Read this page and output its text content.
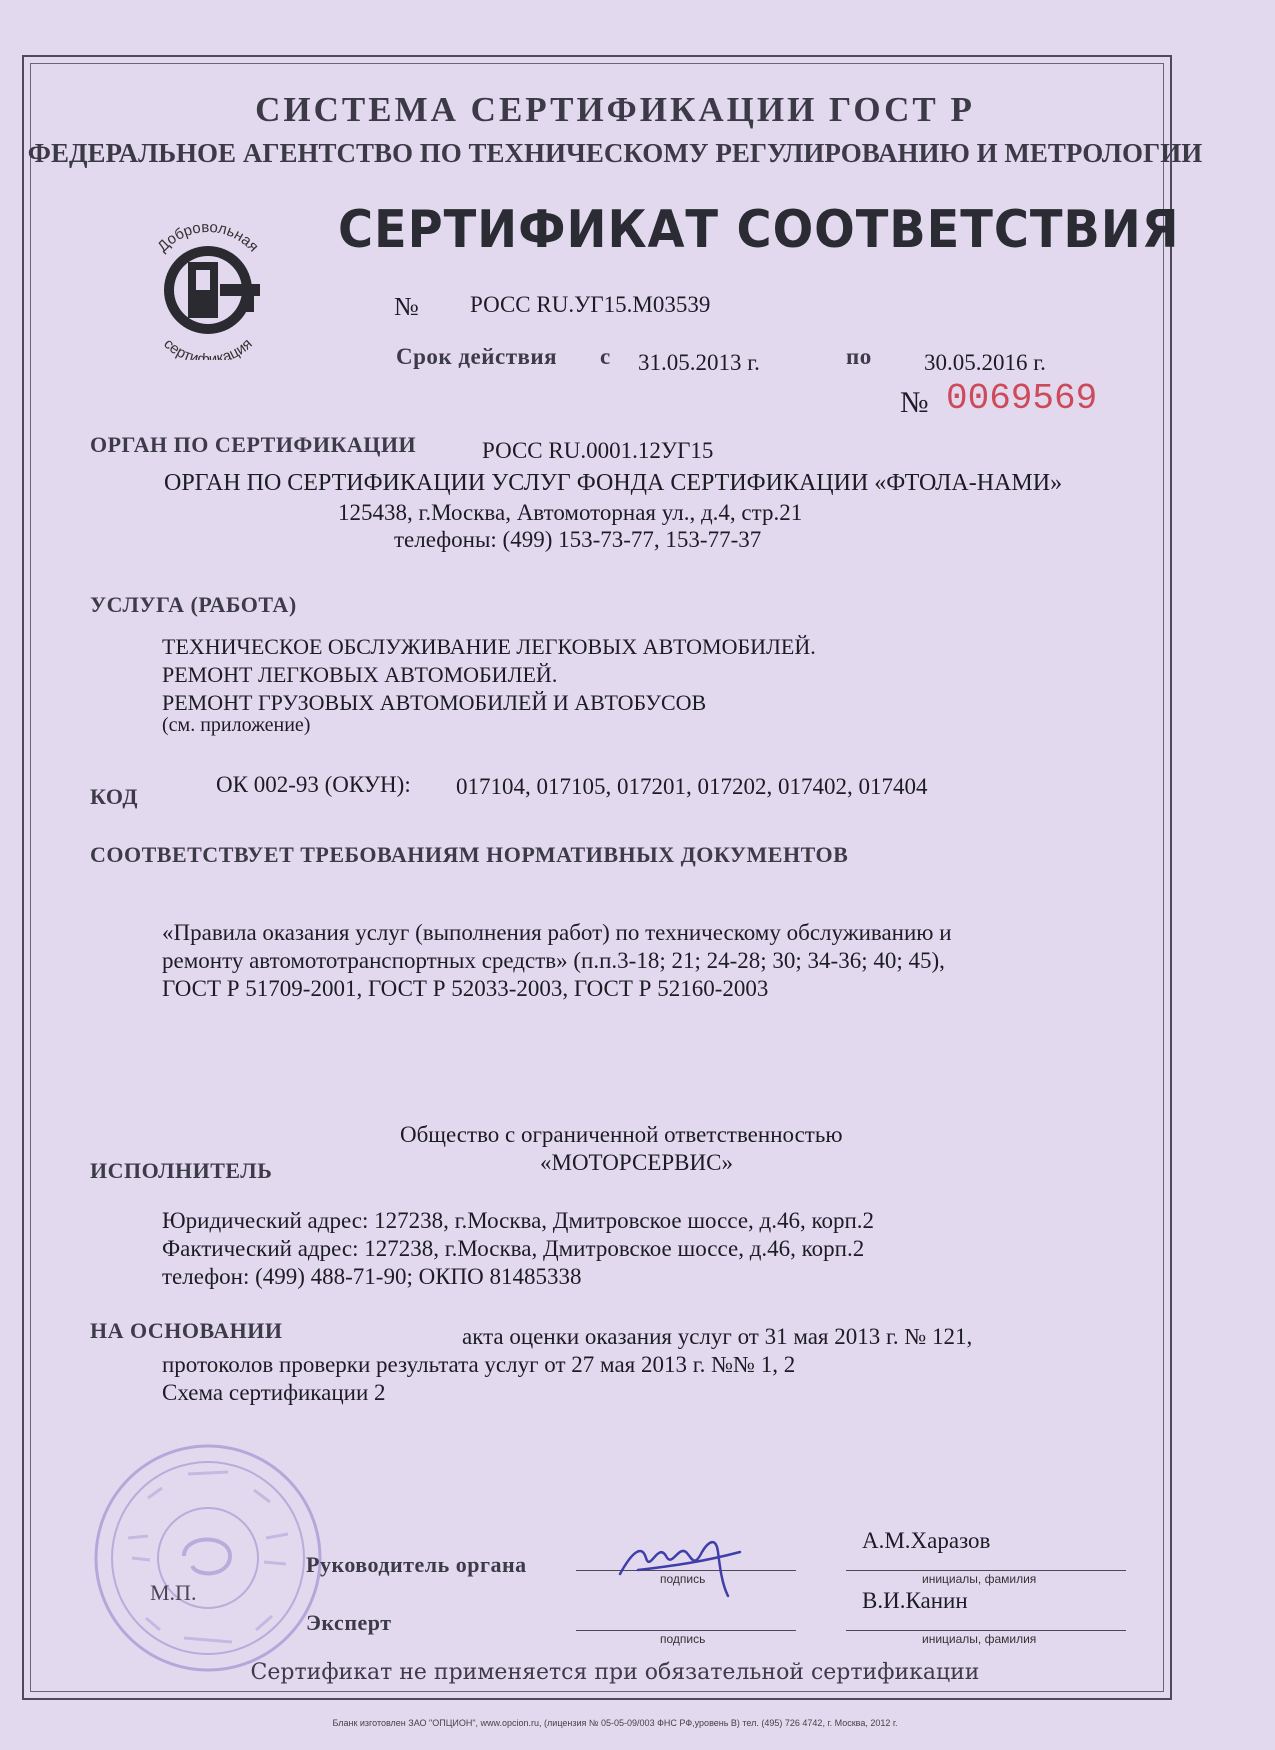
СИСТЕМА СЕРТИФИКАЦИИ ГОСТ Р
ФЕДЕРАЛЬНОЕ АГЕНТСТВО ПО ТЕХНИЧЕСКОМУ РЕГУЛИРОВАНИЮ И МЕТРОЛОГИИ
Добровольная
сертификация
СЕРТИФИКАТ СООТВЕТСТВИЯ
№ РОСС RU.УГ15.М03539
Срок действия с 31.05.2013 г.	по 30.05.2016 г.
№ 0069569
ОРГАН ПО СЕРТИФИКАЦИИ	РОСС RU.0001.12УГ15
ОРГАН ПО СЕРТИФИКАЦИИ УСЛУГ ФОНДА СЕРТИФИКАЦИИ «ФТОЛА-НАМИ»
125438, г.Москва, Автомоторная ул., д.4, стр.21
телефоны: (499) 153-73-77, 153-77-37
УСЛУГА (РАБОТА)
ТЕХНИЧЕСКОЕ ОБСЛУЖИВАНИЕ ЛЕГКОВЫХ АВТОМОБИЛЕЙ.
РЕМОНТ ЛЕГКОВЫХ АВТОМОБИЛЕЙ.
РЕМОНТ ГРУЗОВЫХ АВТОМОБИЛЕЙ И АВТОБУСОВ
(см. приложение)
КОД	ОК 002-93 (ОКУН): 017104, 017105, 017201, 017202, 017402, 017404
СООТВЕТСТВУЕТ ТРЕБОВАНИЯМ НОРМАТИВНЫХ ДОКУМЕНТОВ
«Правила оказания услуг (выполнения работ) по техническому обслуживанию и
ремонту автомототранспортных средств» (п.п.3-18; 21; 24-28; 30; 34-36; 40; 45),
ГОСТ Р 51709-2001, ГОСТ Р 52033-2003, ГОСТ Р 52160-2003
Общество с ограниченной ответственностью
ИСПОЛНИТЕЛЬ	«МОТОРСЕРВИС»
Юридический адрес: 127238, г.Москва, Дмитровское шоссе, д.46, корп.2
Фактический адрес: 127238, г.Москва, Дмитровское шоссе, д.46, корп.2
телефон: (499) 488-71-90; ОКПО 81485338
НА ОСНОВАНИИ	акта оценки оказания услуг от 31 мая 2013 г. № 121,
протоколов проверки результата услуг от 27 мая 2013 г. №№ 1, 2
Схема сертификации 2
М.П.
Руководитель органа
подпись
А.М.Харазов
инициалы, фамилия
Эксперт
подпись
В.И.Канин
инициалы, фамилия
Сертификат не применяется при обязательной сертификации
Бланк изготовлен ЗАО "ОПЦИОН", www.opcion.ru, (лицензия № 05-05-09/003 ФНС РФ,уровень В) тел. (495) 726 4742, г. Москва, 2012 г.
